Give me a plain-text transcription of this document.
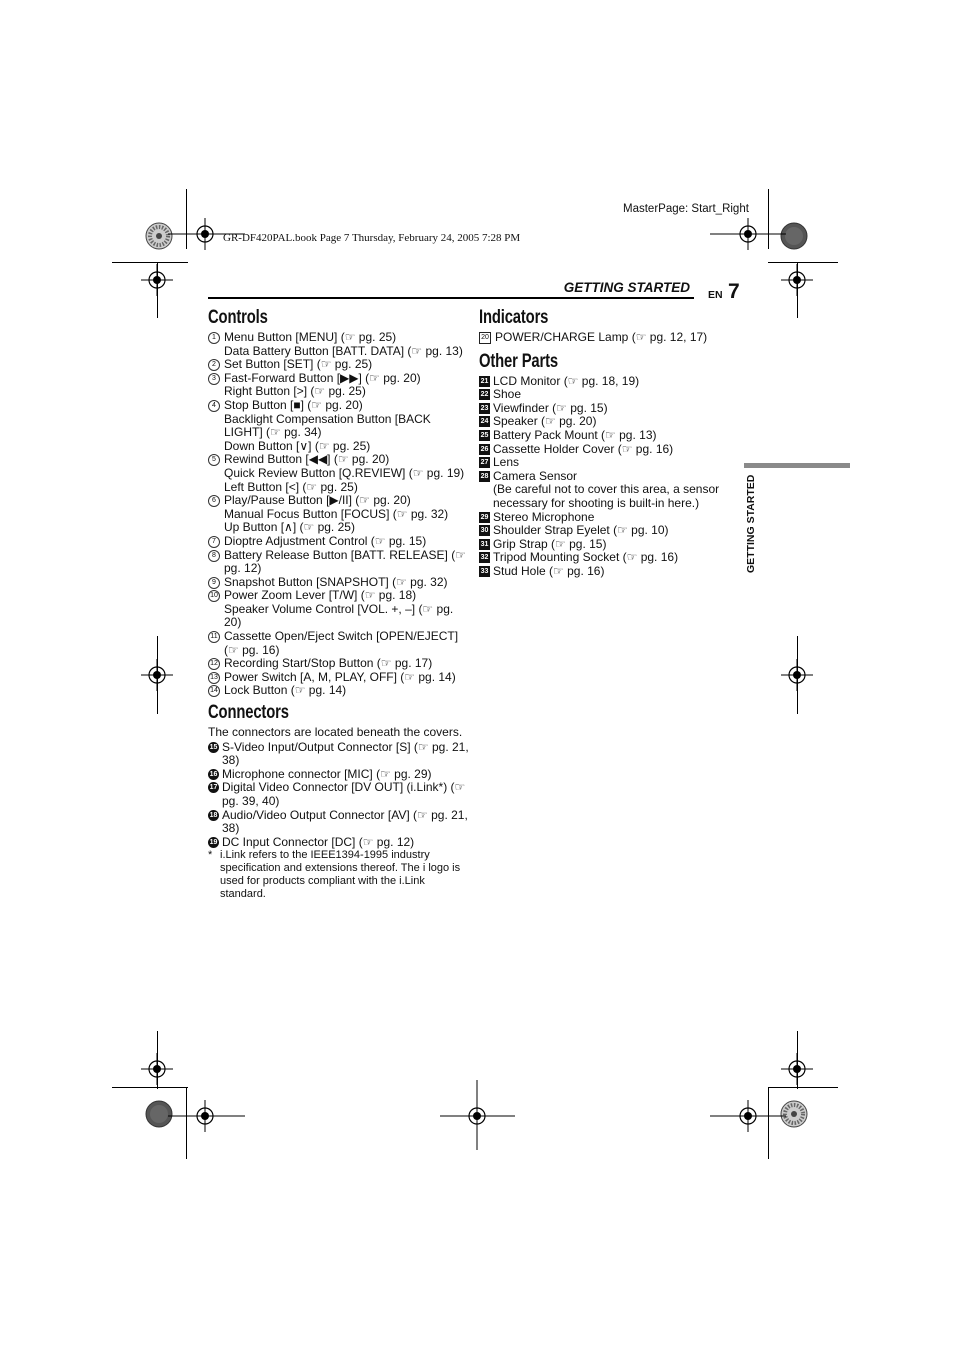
MasterPage: Start_Right
GR-DF420PAL.book Page 7 Thursday, February 24, 2005 7:28 PM
GETTING STARTED EN 7
GETTING STARTED
Controls
1 Menu Button [MENU] (☞ pg. 25)
Data Battery Button [BATT. DATA] (☞ pg. 13)
2 Set Button [SET] (☞ pg. 25)
3 Fast-Forward Button [▶▶] (☞ pg. 20)
Right Button [>] (☞ pg. 25)
4 Stop Button [■] (☞ pg. 20)
Backlight Compensation Button [BACK LIGHT] (☞ pg. 34)
Down Button [∨] (☞ pg. 25)
5 Rewind Button [◀◀] (☞ pg. 20)
Quick Review Button [Q.REVIEW] (☞ pg. 19)
Left Button [<] (☞ pg. 25)
6 Play/Pause Button [▶/II] (☞ pg. 20)
Manual Focus Button [FOCUS] (☞ pg. 32)
Up Button [∧] (☞ pg. 25)
7 Dioptre Adjustment Control (☞ pg. 15)
8 Battery Release Button [BATT. RELEASE] (☞ pg. 12)
9 Snapshot Button [SNAPSHOT] (☞ pg. 32)
10 Power Zoom Lever [T/W] (☞ pg. 18)
Speaker Volume Control [VOL. +, –] (☞ pg. 20)
11 Cassette Open/Eject Switch [OPEN/EJECT] (☞ pg. 16)
12 Recording Start/Stop Button (☞ pg. 17)
13 Power Switch [A, M, PLAY, OFF] (☞ pg. 14)
14 Lock Button (☞ pg. 14)
Connectors
The connectors are located beneath the covers.
15 S-Video Input/Output Connector [S] (☞ pg. 21, 38)
16 Microphone connector [MIC] (☞ pg. 29)
17 Digital Video Connector [DV OUT] (i.Link*) (☞ pg. 39, 40)
18 Audio/Video Output Connector [AV] (☞ pg. 21, 38)
19 DC Input Connector [DC] (☞ pg. 12)
* i.Link refers to the IEEE1394-1995 industry specification and extensions thereof. The i logo is used for products compliant with the i.Link standard.
Indicators
20 POWER/CHARGE Lamp (☞ pg. 12, 17)
Other Parts
21 LCD Monitor (☞ pg. 18, 19)
22 Shoe
23 Viewfinder (☞ pg. 15)
24 Speaker (☞ pg. 20)
25 Battery Pack Mount (☞ pg. 13)
26 Cassette Holder Cover (☞ pg. 16)
27 Lens
28 Camera Sensor
(Be careful not to cover this area, a sensor necessary for shooting is built-in here.)
29 Stereo Microphone
30 Shoulder Strap Eyelet (☞ pg. 10)
31 Grip Strap (☞ pg. 15)
32 Tripod Mounting Socket (☞ pg. 16)
33 Stud Hole (☞ pg. 16)
